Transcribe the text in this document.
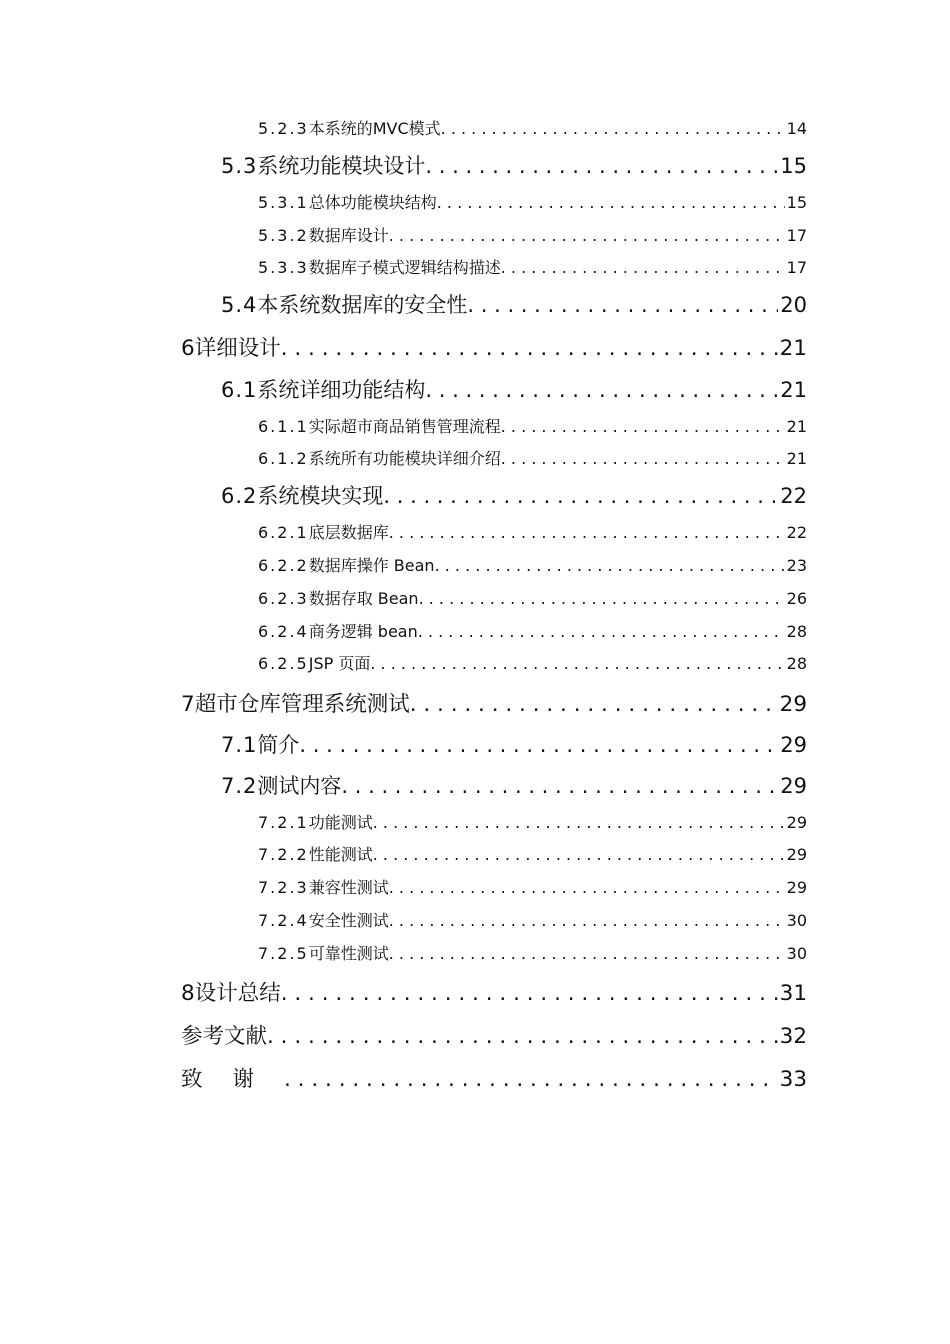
5.2.3 本系统的MVC模式 . . .	14
5.3 系统功能模块设计 . . .	15
5.3.1 总体功能模块结构 . . .	15
5.3.2 数据库设计 . . .	17
5.3.3 数据库子模式逻辑结构描述 . . .	17
5.4 本系统数据库的安全性 . . .	20
6 详细设计 . . .	21
6.1 系统详细功能结构 . . .	21
6.1.1 实际超市商品销售管理流程 . . .	21
6.1.2 系统所有功能模块详细介绍 . . .	21
6.2 系统模块实现 . . .	22
6.2.1 底层数据库 . . .	22
6.2.2 数据库操作 Bean . . .	23
6.2.3 数据存取 Bean . . .	26
6.2.4 商务逻辑 bean . . .	28
6.2.5 JSP 页面 . . .	28
7 超市仓库管理系统测试 . . .	29
7.1 简介 . . .	29
7.2 测试内容 . . .	29
7.2.1 功能测试 . . .	29
7.2.2 性能测试 . . .	29
7.2.3 兼容性测试 . . .	29
7.2.4 安全性测试 . . .	30
7.2.5 可靠性测试 . . .	30
8 设计总结 . . .	31
参考文献 . . .	32
致谢 . . .	33
